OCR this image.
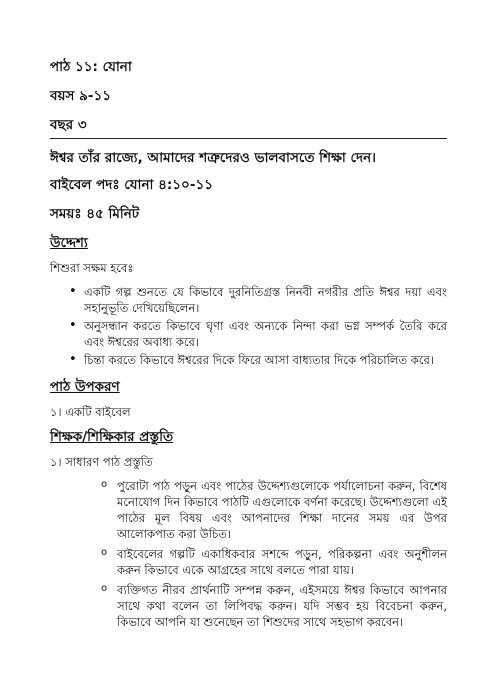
পাঠ ১১: যোনা
বয়স ৯-১১
বছর ৩
ঈশ্বর তাঁর রাজ্যে, আমাদের শত্রুদেরও ভালবাসতে শিক্ষা দেন।
বাইবেল পদঃ যোনা ৪:১০-১১
সময়ঃ ৪৫ মিনিট
উদ্দেশ্য
শিশুরা সক্ষম হবেঃ
• একটি গল্প শুনতে যে কিভাবে দুরনিতিগ্রস্ত নিনবী নগরীর প্রতি ঈশ্বর দয়া এবং সহানুভূতি দেখিয়েছিলেন।
• অনুসন্ধান করতে কিভাবে ঘৃণা এবং অন্যকে নিন্দা করা ভগ্ন সম্পর্ক তৈরি করে এবং ঈশ্বরের অবাধ্য করে।
• চিন্তা করতে কিভাবে ঈশ্বরের দিকে ফিরে আসা বাধ্যতার দিকে পরিচালিত করে।
পাঠ উপকরণ
১। একটি বাইবেল
শিক্ষক/শিক্ষিকার প্রস্তুতি
১। সাধারণ পাঠ প্রস্তুতি
o পুরোটা পাঠ পড়ুন এবং পাঠের উদ্দেশ্যগুলোকে পর্যালোচনা করুন, বিশেষ মনোযোগ দিন কিভাবে পাঠটি এগুলোকে বর্ণনা করেছে। উদ্দেশ্যগুলো এই পাঠের মূল বিষয় এবং আপনাদের শিক্ষা দানের সময় এর উপর আলোকপাত করা উচিত।
o বাইবেলের গল্পটি একাধিকবার সশব্দে পড়ুন, পরিকল্পনা এবং অনুশীলন করুন কিভাবে একে আগ্রহের সাথে বলতে পারা যায়।
o ব্যক্তিগত নীরব প্রার্থনাটি সম্পন্ন করুন, এইসময়ে ঈশ্বর কিভাবে আপনার সাথে কথা বলেন তা লিপিবদ্ধ করুন। যদি সম্ভব হয় বিবেচনা করুন, কিভাবে আপনি যা শুনেছেন তা শিশুদের সাথে সহভাগ করবেন।
